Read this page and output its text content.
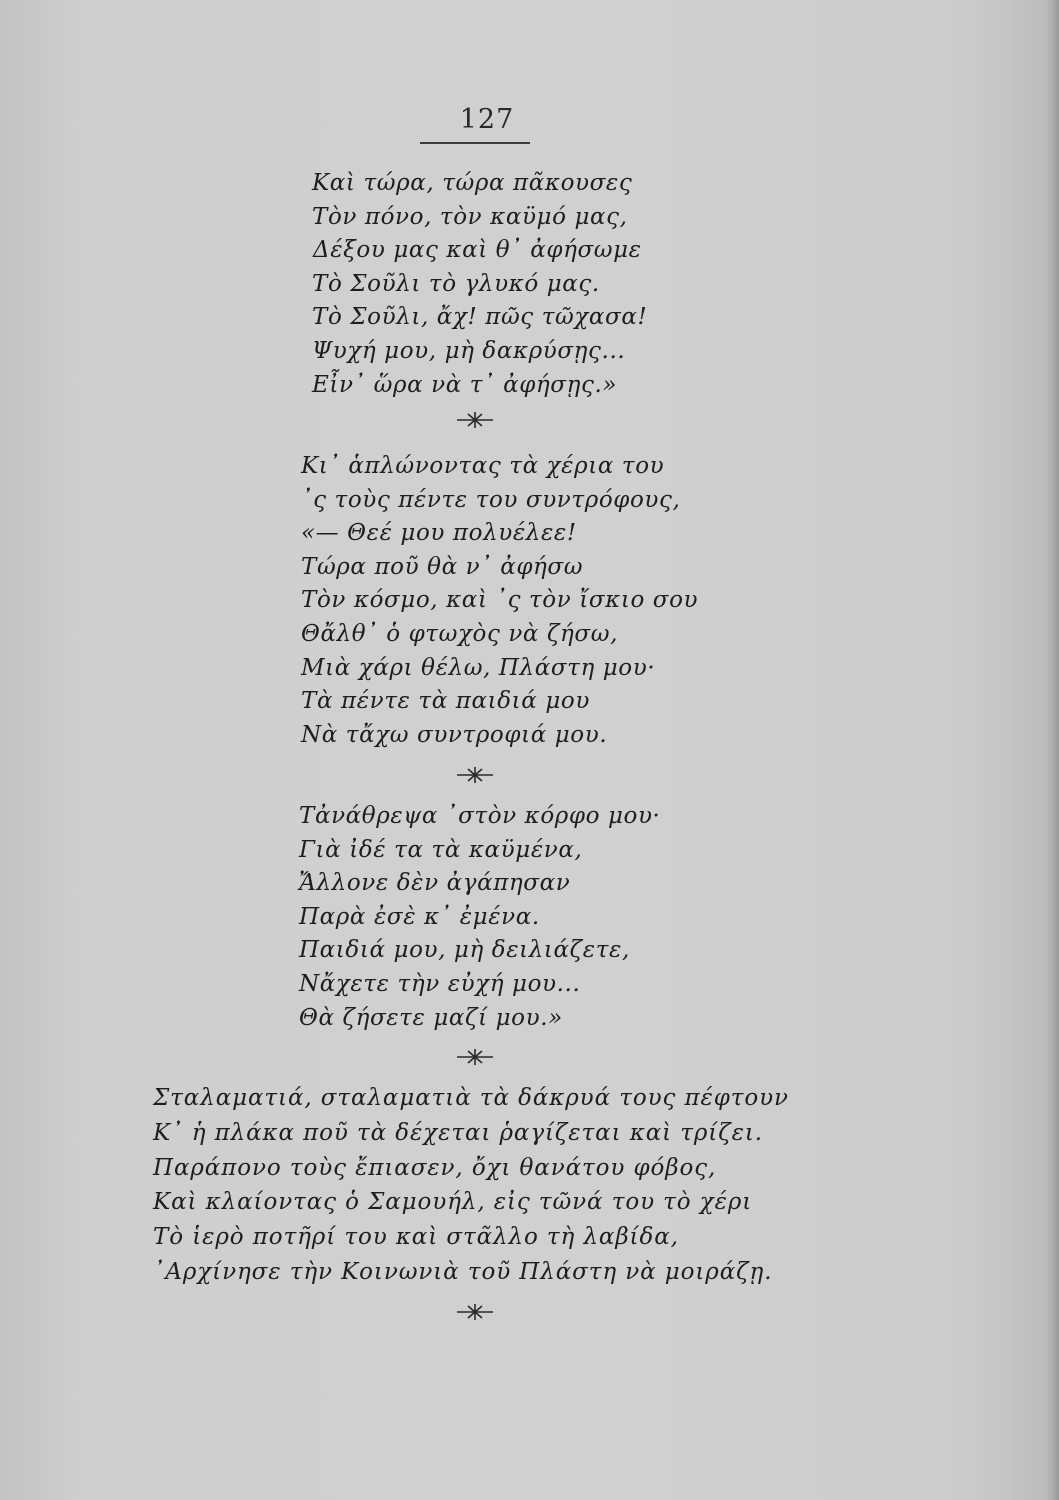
127
Καὶ τώρα, τώρα πᾶκουσες
Τὸν πόνο, τὸν καϋμό μας,
Δέξου μας καὶ θ᾽ ἀφήσωμε
Τὸ Σοῦλι τὸ γλυκό μας.
Τὸ Σοῦλι, ἄχ! πῶς τῶχασα!
Ψυχή μου, μὴ δακρύσῃς...
Εἶν᾽ ὥρα νὰ τ᾽ ἀφήσῃς.»
Κι᾽ ἁπλώνοντας τὰ χέρια του
᾽ς τοὺς πέντε του συντρόφους,
«— Θεέ μου πολυέλεε!
Τώρα ποῦ θὰ ν᾽ ἀφήσω
Τὸν κόσμο, καὶ ᾽ς τὸν ἴσκιο σου
Θἄλθ᾽ ὁ φτωχὸς νὰ ζήσω,
Μιὰ χάρι θέλω, Πλάστη μου·
Τὰ πέντε τὰ παιδιά μου
Νὰ τἄχω συντροφιά μου.
Τἀνάθρεψα ᾽στὸν κόρφο μου·
Γιὰ ἰδέ τα τὰ καϋμένα,
Ἄλλονε δὲν ἀγάπησαν
Παρὰ ἐσὲ κ᾽ ἐμένα.
Παιδιά μου, μὴ δειλιάζετε,
Νἄχετε τὴν εὐχή μου...
Θὰ ζήσετε μαζί μου.»
Σταλαματιά, σταλαματιὰ τὰ δάκρυά τους πέφτουν
Κ᾽ ἡ πλάκα ποῦ τὰ δέχεται ῥαγίζεται καὶ τρίζει.
Παράπονο τοὺς ἔπιασεν, ὄχι θανάτου φόβος,
Καὶ κλαίοντας ὁ Σαμουήλ, εἰς τῶνά του τὸ χέρι
Τὸ ἱερὸ ποτῆρί του καὶ στᾶλλο τὴ λαβίδα,
᾽Αρχίνησε τὴν Κοινωνιὰ τοῦ Πλάστη νὰ μοιράζῃ.
